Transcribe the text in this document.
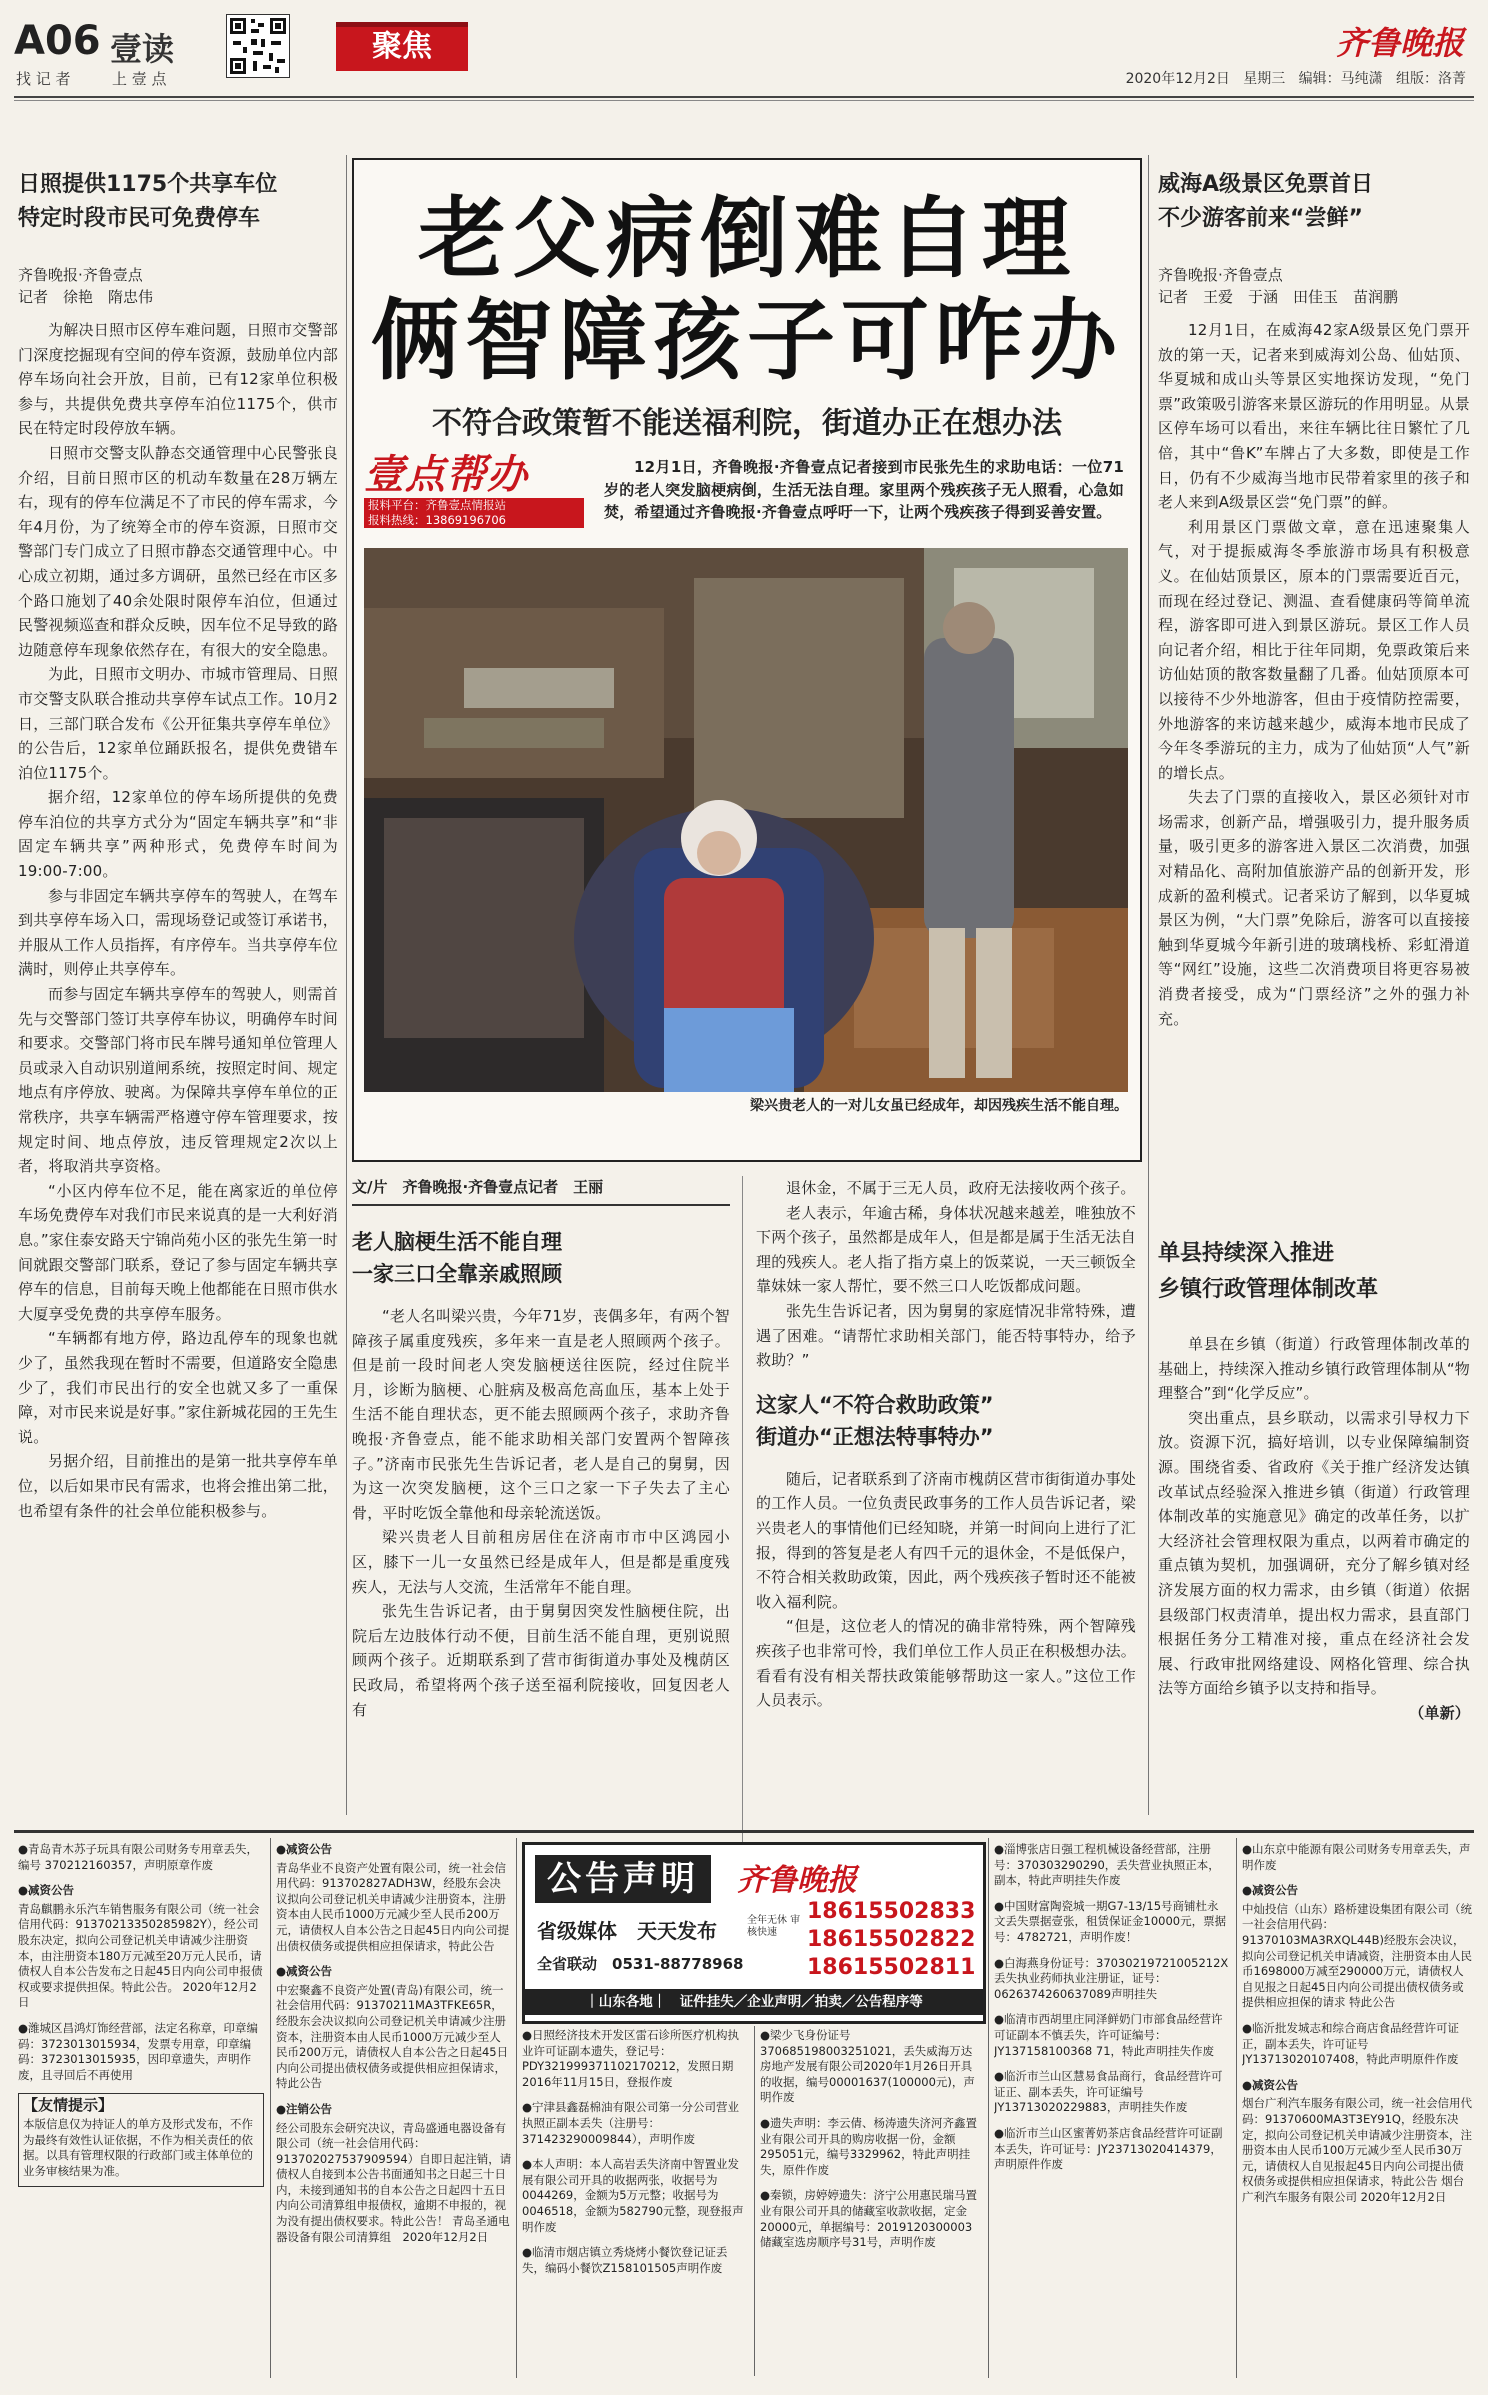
A06 壹读
找 记 者	上 壹 点
聚焦	齐鲁晚报
2020年12月2日 星期三 编辑：马纯潇 组版：洛菁
日照提供1175个共享车位
特定时段市民可免费停车
齐鲁晚报·齐鲁壹点
记者　徐艳　隋忠伟

为解决日照市区停车难问题，日照市交警部门深度挖掘现有空间的停车资源，鼓励单位内部停车场向社会开放，目前，已有12家单位积极参与，共提供免费共享停车泊位1175个，供市民在特定时段停放车辆。

日照市交警支队静态交通管理中心民警张良介绍，目前日照市区的机动车数量在28万辆左右，现有的停车位满足不了市民的停车需求，今年4月份，为了统筹全市的停车资源，日照市交警部门专门成立了日照市静态交通管理中心。中心成立初期，通过多方调研，虽然已经在市区多个路口施划了40余处限时限停车泊位，但通过民警视频巡查和群众反映，因车位不足导致的路边随意停车现象依然存在，有很大的安全隐患。

为此，日照市文明办、市城市管理局、日照市交警支队联合推动共享停车试点工作。10月2日，三部门联合发布《公开征集共享停车单位》的公告后，12家单位踊跃报名，提供免费错车泊位1175个。

据介绍，12家单位的停车场所提供的免费停车泊位的共享方式分为“固定车辆共享”和“非固定车辆共享”两种形式，免费停车时间为19:00-7:00。

参与非固定车辆共享停车的驾驶人，在驾车到共享停车场入口，需现场登记或签订承诺书，并服从工作人员指挥，有序停车。当共享停车位满时，则停止共享停车。

而参与固定车辆共享停车的驾驶人，则需首先与交警部门签订共享停车协议，明确停车时间和要求。交警部门将市民车牌号通知单位管理人员或录入自动识别道闸系统，按照定时间、规定地点有序停放、驶离。为保障共享停车单位的正常秩序，共享车辆需严格遵守停车管理要求，按规定时间、地点停放，违反管理规定2次以上者，将取消共享资格。

“小区内停车位不足，能在离家近的单位停车场免费停车对我们市民来说真的是一大利好消息。”家住泰安路天宁锦尚苑小区的张先生第一时间就跟交警部门联系，登记了参与固定车辆共享停车的信息，目前每天晚上他都能在日照市供水大厦享受免费的共享停车服务。

“车辆都有地方停，路边乱停车的现象也就少了，虽然我现在暂时不需要，但道路安全隐患少了，我们市民出行的安全也就又多了一重保障，对市民来说是好事。”家住新城花园的王先生说。

另据介绍，目前推出的是第一批共享停车单位，以后如果市民有需求，也将会推出第二批，也希望有条件的社会单位能积极参与。

老父病倒难自理
俩智障孩子可咋办
不符合政策暂不能送福利院，街道办正在想办法
壹点帮办
报料平台：齐鲁壹点情报站
报料热线：13869196706
12月1日，齐鲁晚报·齐鲁壹点记者接到市民张先生的求助电话：一位71岁的老人突发脑梗病倒，生活无法自理。家里两个残疾孩子无人照看，心急如焚，希望通过齐鲁晚报·齐鲁壹点呼吁一下，让两个残疾孩子得到妥善安置。
梁兴贵老人的一对儿女虽已经成年，却因残疾生活不能自理。
文/片　齐鲁晚报·齐鲁壹点记者　王丽
老人脑梗生活不能自理
一家三口全靠亲戚照顾

“老人名叫梁兴贵，今年71岁，丧偶多年，有两个智障孩子属重度残疾，多年来一直是老人照顾两个孩子。但是前一段时间老人突发脑梗送往医院，经过住院半月，诊断为脑梗、心脏病及极高危高血压，基本上处于生活不能自理状态，更不能去照顾两个孩子，求助齐鲁晚报·齐鲁壹点，能不能求助相关部门安置两个智障孩子。”济南市民张先生告诉记者，老人是自己的舅舅，因为这一次突发脑梗，这个三口之家一下子失去了主心骨，平时吃饭全靠他和母亲轮流送饭。

梁兴贵老人目前租房居住在济南市市中区鸿园小区，膝下一儿一女虽然已经是成年人，但是都是重度残疾人，无法与人交流，生活常年不能自理。

张先生告诉记者，由于舅舅因突发性脑梗住院，出院后左边肢体行动不便，目前生活不能自理，更别说照顾两个孩子。近期联系到了营市街街道办事处及槐荫区民政局，希望将两个孩子送至福利院接收，回复因老人有

退休金，不属于三无人员，政府无法接收两个孩子。

老人表示，年逾古稀，身体状况越来越差，唯独放不下两个孩子，虽然都是成年人，但是都是属于生活无法自理的残疾人。老人指了指方桌上的饭菜说，一天三顿饭全靠妹妹一家人帮忙，要不然三口人吃饭都成问题。

张先生告诉记者，因为舅舅的家庭情况非常特殊，遭遇了困难。“请帮忙求助相关部门，能否特事特办，给予救助？”

这家人“不符合救助政策”
街道办“正想法特事特办”

随后，记者联系到了济南市槐荫区营市街街道办事处的工作人员。一位负责民政事务的工作人员告诉记者，梁兴贵老人的事情他们已经知晓，并第一时间向上进行了汇报，得到的答复是老人有四千元的退休金，不是低保户，不符合相关救助政策，因此，两个残疾孩子暂时还不能被收入福利院。

“但是，这位老人的情况的确非常特殊，两个智障残疾孩子也非常可怜，我们单位工作人员正在积极想办法。看看有没有相关帮扶政策能够帮助这一家人。”这位工作人员表示。

威海A级景区免票首日
不少游客前来“尝鲜”
齐鲁晚报·齐鲁壹点
记者　王爱　于涵　田佳玉　苗润鹏

12月1日，在威海42家A级景区免门票开放的第一天，记者来到威海刘公岛、仙姑顶、华夏城和成山头等景区实地探访发现，“免门票”政策吸引游客来景区游玩的作用明显。从景区停车场可以看出，来往车辆比往日繁忙了几倍，其中“鲁K”车牌占了大多数，即使是工作日，仍有不少威海当地市民带着家里的孩子和老人来到A级景区尝“免门票”的鲜。

利用景区门票做文章，意在迅速聚集人气，对于提振威海冬季旅游市场具有积极意义。在仙姑顶景区，原本的门票需要近百元，而现在经过登记、测温、查看健康码等简单流程，游客即可进入到景区游玩。景区工作人员向记者介绍，相比于往年同期，免票政策后来访仙姑顶的散客数量翻了几番。仙姑顶原本可以接待不少外地游客，但由于疫情防控需要，外地游客的来访越来越少，威海本地市民成了今年冬季游玩的主力，成为了仙姑顶“人气”新的增长点。

失去了门票的直接收入，景区必须针对市场需求，创新产品，增强吸引力，提升服务质量，吸引更多的游客进入景区二次消费，加强对精品化、高附加值旅游产品的创新开发，形成新的盈利模式。记者采访了解到，以华夏城景区为例，“大门票”免除后，游客可以直接接触到华夏城今年新引进的玻璃栈桥、彩虹滑道等“网红”设施，这些二次消费项目将更容易被消费者接受，成为“门票经济”之外的强力补充。

单县持续深入推进
乡镇行政管理体制改革

单县在乡镇（街道）行政管理体制改革的基础上，持续深入推动乡镇行政管理体制从“物理整合”到“化学反应”。

突出重点，县乡联动，以需求引导权力下放。资源下沉，搞好培训，以专业保障编制资源。围绕省委、省政府《关于推广经济发达镇改革试点经验深入推进乡镇（街道）行政管理体制改革的实施意见》确定的改革任务，以扩大经济社会管理权限为重点，以两着市确定的重点镇为契机，加强调研，充分了解乡镇对经济发展方面的权力需求，由乡镇（街道）依据县级部门权责清单，提出权力需求，县直部门根据任务分工精准对接，重点在经济社会发展、行政审批网络建设、网格化管理、综合执法等方面给乡镇予以支持和指导。

（单新）

●青岛青木苏子玩具有限公司财务专用章丢失，编号 370212160357，声明原章作废

●减资公告

青岛麒鹏永乐汽车销售服务有限公司（统一社会信用代码：91370213350285982Y），经公司股东决定，拟向公司登记机关申请减少注册资本，由注册资本180万元减至20万元人民币，请债权人自本公告发布之日起45日内向公司申报债权或要求提供担保。特此公告。 2020年12月2日

●潍城区昌鸿灯饰经营部，法定名称章，印章编码：3723013015934，发票专用章，印章编码：3723013015935，因印章遗失，声明作废，且寻回后不再使用

【友情提示】

本版信息仅为持证人的单方及形式发布，不作为最终有效性认证依据，不作为相关责任的依据。以具有管理权限的行政部门或主体单位的业务审核结果为准。

●减资公告

青岛华业不良资产处置有限公司，统一社会信用代码：913702827ADH3W，经股东会决议拟向公司登记机关申请减少注册资本，注册资本由人民币1000万元减少至人民币200万元，请债权人自本公告之日起45日内向公司提出债权债务或提供相应担保请求，特此公告

●减资公告

中宏聚鑫不良资产处置(青岛)有限公司，统一社会信用代码：91370211MA3TFKE65R，经股东会决议拟向公司登记机关申请减少注册资本，注册资本由人民币1000万元减少至人民币200万元，请债权人自本公告之日起45日内向公司提出债权债务或提供相应担保请求，特此公告

●注销公告

经公司股东会研究决议，青岛盛通电器设备有限公司（统一社会信用代码：913702027537909594）自即日起注销，请债权人自接到本公告书面通知书之日起三十日内，未接到通知书的自本公告之日起四十五日内向公司清算组申报债权，逾期不申报的，视为没有提出债权要求。特此公告！ 青岛圣通电器设备有限公司清算组　2020年12月2日

公告声明	齐鲁晚报
省级媒体　天天发布	全年无休 审核快速
全省联动　0531-88778968
18615502833
18615502822
18615502811
｜山东各地｜　证件挂失／企业声明／拍卖／公告程序等

●日照经济技术开发区雷石诊所医疗机构执业许可证副本遗失，登记号：PDY321999371102170212，发照日期2016年11月15日，登报作废

●宁津县鑫磊棉油有限公司第一分公司营业执照正副本丢失（注册号：371423290009844），声明作废

●本人声明：本人高岩丢失济南中智置业发展有限公司开具的收据两张，收据号为0044269，金额为5万元整；收据号为0046518，金额为582790元整，现登报声明作废

●临清市烟店镇立秀烧烤小餐饮登记证丢失，编码小餐饮Z158101505声明作废

●梁少飞身份证号370685198003251021，丢失威海万达房地产发展有限公司2020年1月26日开具的收据，编号00001637(100000元)，声明作废

●遗失声明：李云倩、杨涛遗失济河齐鑫置业有限公司开具的购房收据一份，金额295051元，编号3329962，特此声明挂失，原件作废

●秦锁，房婷婷遗失：济宁公用惠民瑞马置业有限公司开具的储藏室收款收据，定金20000元，单据编号：2019120300003储藏室选房顺序号31号，声明作废

●淄博张店日强工程机械设备经营部，注册号：370303290290，丢失营业执照正本，副本，特此声明挂失作废

●中国财富陶瓷城一期G7-13/15号商铺杜永文丢失票据壹张，租赁保证金10000元，票据号：4782721，声明作废！

●白海燕身份证号：37030219721005212X丢失执业药师执业注册证，证号：0626374260637089声明挂失

●临清市西胡里庄同泽鲜奶门市部食品经营许可证副本不慎丢失，许可证编号：JY137158100368 71，特此声明挂失作废

●临沂市兰山区慧易食品商行，食品经营许可证正、副本丢失，许可证编号JY13713020229883，声明挂失作废

●临沂市兰山区蜜菁奶茶店食品经营许可证副本丢失，许可证号：JY23713020414379，声明原件作废

●山东京中能源有限公司财务专用章丢失，声明作废

●减资公告

中灿投信（山东）路桥建设集团有限公司（统一社会信用代码：91370103MA3RXQL44B)经股东会决议，拟向公司登记机关申请减资，注册资本由人民币1698000万减至290000万元，请债权人自见报之日起45日内向公司提出债权债务或提供相应担保的请求 特此公告

●临沂批发城志和综合商店食品经营许可证正，副本丢失，许可证号JY13713020107408，特此声明原件作废

●减资公告

烟台广利汽车服务有限公司，统一社会信用代码：91370600MA3T3EY91Q，经股东决定，拟向公司登记机关申请减少注册资本，注册资本由人民币100万元减少至人民币30万元，请债权人自见报起45日内向公司提出债权债务或提供相应担保请求，特此公告 烟台广利汽车服务有限公司 2020年12月2日
